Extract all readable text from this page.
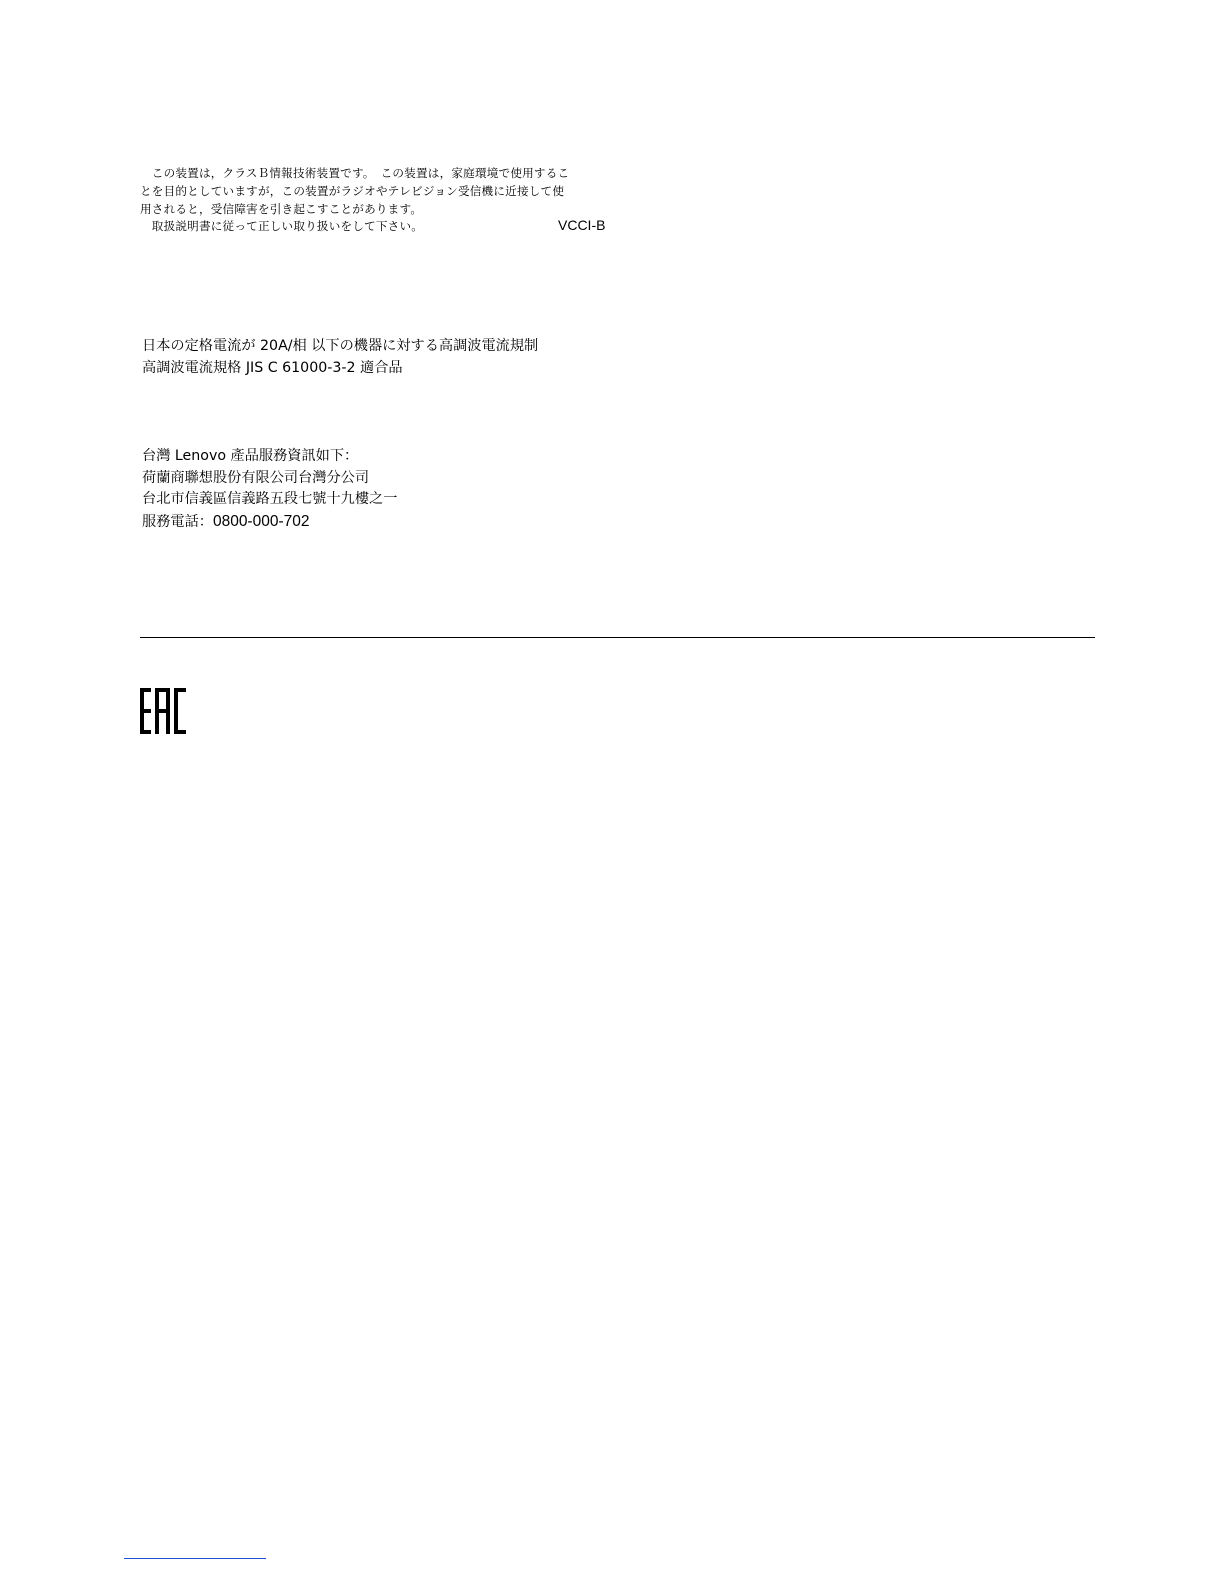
　この装置は，クラスＢ情報技術装置です。　この装置は，家庭環境で使用するこ
とを目的としていますが，この装置がラジオやテレビジョン受信機に近接して使
用されると，受信障害を引き起こすことがあります。
　取扱説明書に従って正しい取り扱いをして下さい。	VCCI-B
日本の定格電流が 20A/相 以下の機器に対する高調波電流規制
高調波電流規格 JIS C 61000-3-2 適合品
台灣 Lenovo 產品服務資訊如下：
荷蘭商聯想股份有限公司台灣分公司
台北市信義區信義路五段七號十九樓之一
服務電話：0800-000-702
